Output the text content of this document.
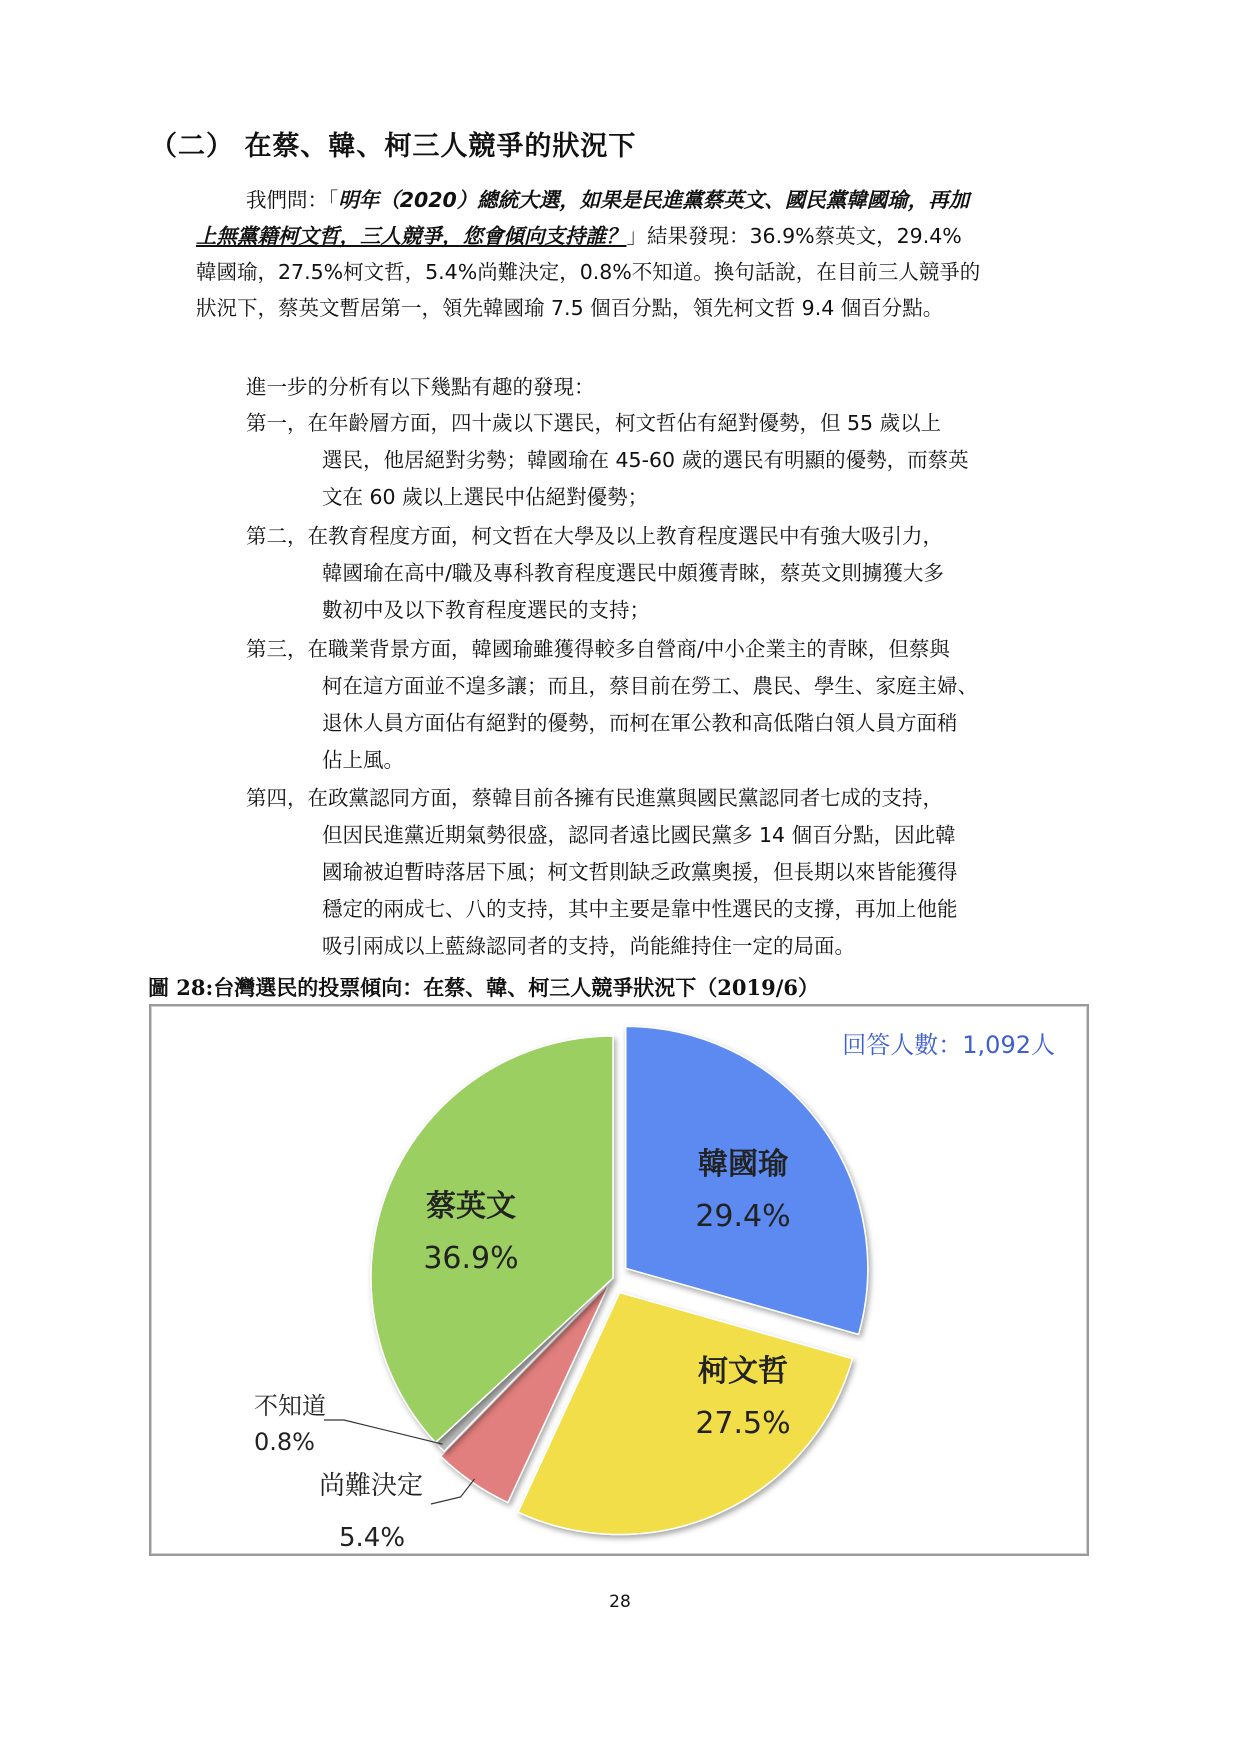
（二） 在蔡、韓、柯三人競爭的狀況下
我們問：「明年（2020）總統大選，如果是民進黨蔡英文、國民黨韓國瑜，再加
上無黨籍柯文哲，三人競爭，您會傾向支持誰？」結果發現：36.9%蔡英文，29.4%
韓國瑜，27.5%柯文哲，5.4%尚難決定，0.8%不知道。換句話說，在目前三人競爭的
狀況下，蔡英文暫居第一，領先韓國瑜 7.5 個百分點，領先柯文哲 9.4 個百分點。
進一步的分析有以下幾點有趣的發現：
第一，在年齡層方面，四十歲以下選民，柯文哲佔有絕對優勢，但 55 歲以上
選民，他居絕對劣勢；韓國瑜在 45-60 歲的選民有明顯的優勢，而蔡英
文在 60 歲以上選民中佔絕對優勢；
第二，在教育程度方面，柯文哲在大學及以上教育程度選民中有強大吸引力，
韓國瑜在高中/職及專科教育程度選民中頗獲青睞，蔡英文則擄獲大多
數初中及以下教育程度選民的支持；
第三，在職業背景方面，韓國瑜雖獲得較多自營商/中小企業主的青睞，但蔡與
柯在這方面並不遑多讓；而且，蔡目前在勞工、農民、學生、家庭主婦、
退休人員方面佔有絕對的優勢，而柯在軍公教和高低階白領人員方面稍
佔上風。
第四，在政黨認同方面，蔡韓目前各擁有民進黨與國民黨認同者七成的支持，
但因民進黨近期氣勢很盛，認同者遠比國民黨多 14 個百分點，因此韓
國瑜被迫暫時落居下風；柯文哲則缺乏政黨奧援，但長期以來皆能獲得
穩定的兩成七、八的支持，其中主要是靠中性選民的支撐，再加上他能
吸引兩成以上藍綠認同者的支持，尚能維持住一定的局面。
圖 28:台灣選民的投票傾向：在蔡、韓、柯三人競爭狀況下（2019/6）
回答人數：1,092人
韓國瑜
29.4%
柯文哲
27.5%
尚難決定
5.4%
不知道
0.8%
蔡英文
36.9%
28
